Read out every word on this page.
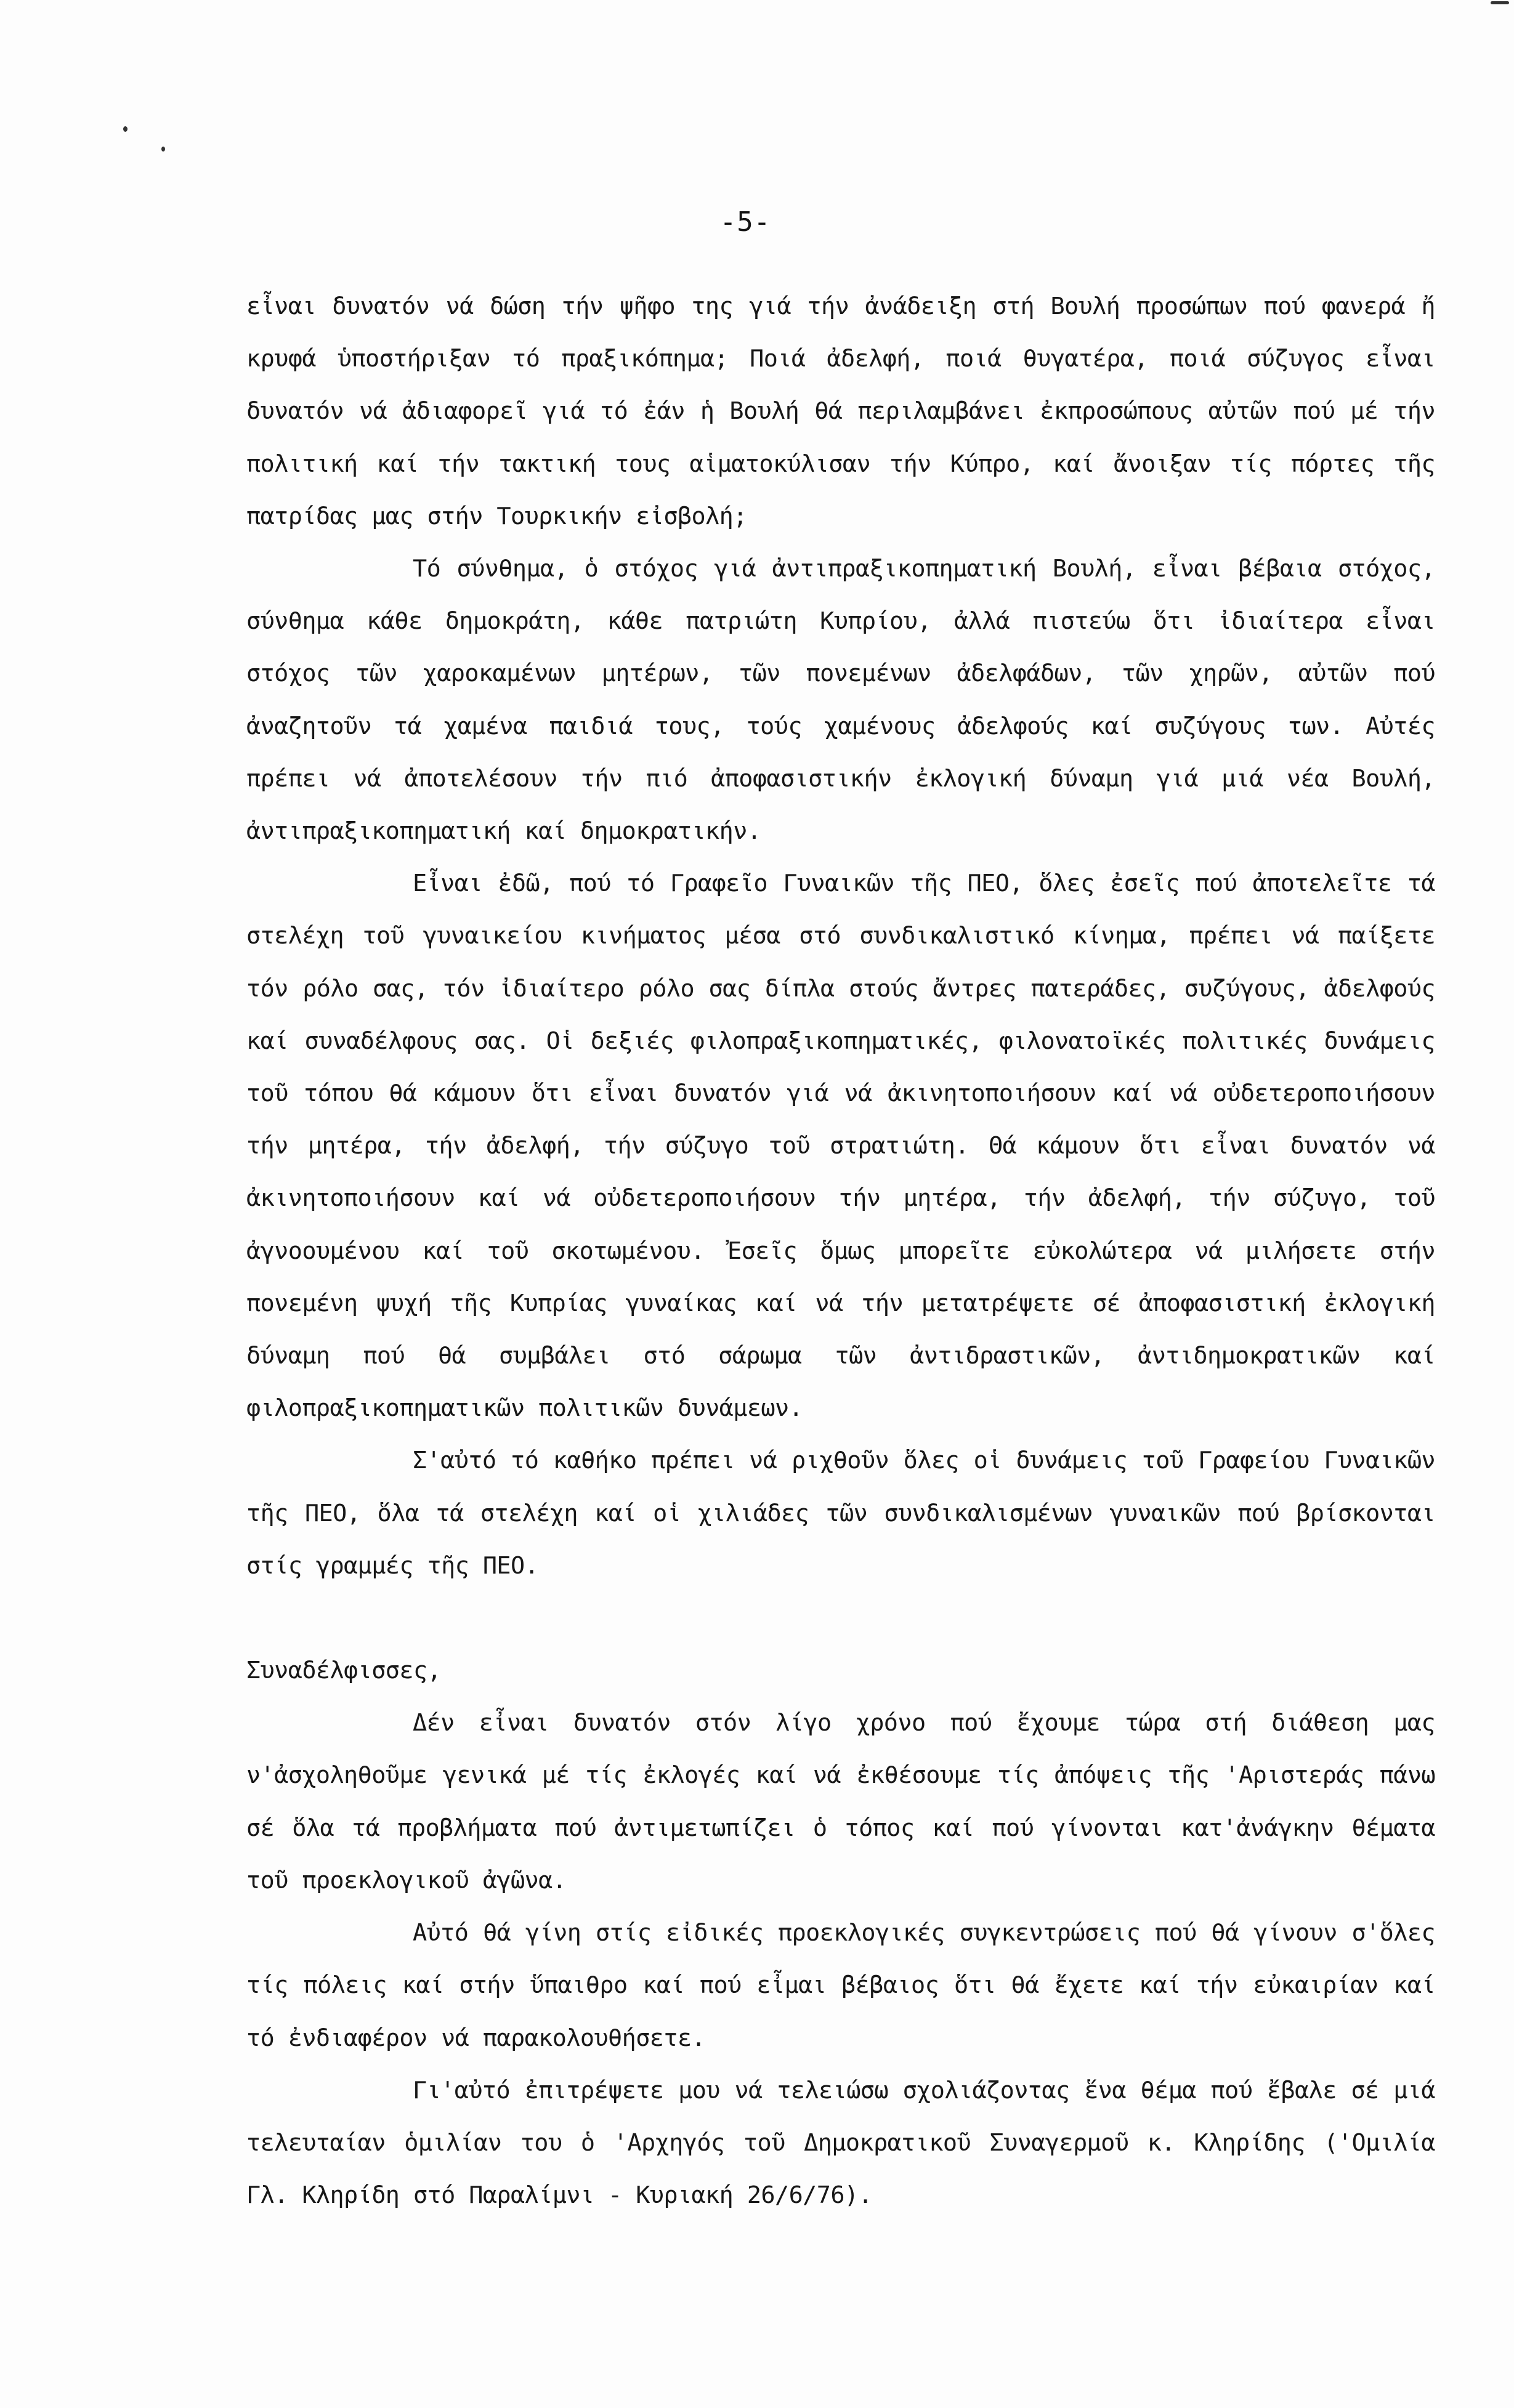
-5-

εἶναι δυνατόν νά δώση τήν ψῆφο της γιά τήν ἀνάδειξη στή Βουλή προσώπων πού φανερά ἤ κρυφά ὑποστήριξαν τό πραξικόπημα; Ποιά ἀδελφή, ποιά θυγατέρα, ποιά σύζυγος εἶναι δυνατόν νά ἀδιαφορεῖ γιά τό ἐάν ἡ Βουλή θά περιλαμβάνει ἐκπροσώπους αὐτῶν πού μέ τήν πολιτική καί τήν τακτική τους αἱματοκύλισαν τήν Κύπρο, καί ἄνοιξαν τίς πόρτες τῆς πατρίδας μας στήν Τουρκικήν εἰσβολή;

Τό σύνθημα, ὁ στόχος γιά ἀντιπραξικοπηματική Βουλή, εἶναι βέβαια στόχος, σύνθημα κάθε δημοκράτη, κάθε πατριώτη Κυπρίου, ἀλλά πιστεύω ὅτι ἰδιαίτερα εἶναι στόχος τῶν χαροκαμένων μητέρων, τῶν πονεμένων ἀδελφάδων, τῶν χηρῶν, αὐτῶν πού ἀναζητοῦν τά χαμένα παιδιά τους, τούς χαμένους ἀδελφούς καί συζύγους των. Αὐτές πρέπει νά ἀποτελέσουν τήν πιό ἀποφασιστικήν ἐκλογική δύναμη γιά μιά νέα Βουλή, ἀντιπραξικοπηματική καί δημοκρατικήν.

Εἶναι ἐδῶ, πού τό Γραφεῖο Γυναικῶν τῆς ΠΕΟ, ὅλες ἐσεῖς πού ἀποτελεῖτε τά στελέχη τοῦ γυναικείου κινήματος μέσα στό συνδικαλιστικό κίνημα, πρέπει νά παίξετε τόν ρόλο σας, τόν ἰδιαίτερο ρόλο σας δίπλα στούς ἄντρες πατεράδες, συζύγους, ἀδελφούς καί συναδέλφους σας. Οἱ δεξιές φιλοπραξικοπηματικές, φιλονατοϊκές πολιτικές δυνάμεις τοῦ τόπου θά κάμουν ὅτι εἶναι δυνατόν γιά νά ἀκινητοποιήσουν καί νά οὐδετεροποιήσουν τήν μητέρα, τήν ἀδελφή, τήν σύζυγο τοῦ στρατιώτη. Θά κάμουν ὅτι εἶναι δυνατόν νά ἀκινητοποιήσουν καί νά οὐδετεροποιήσουν τήν μητέρα, τήν ἀδελφή, τήν σύζυγο, τοῦ ἀγνοουμένου καί τοῦ σκοτωμένου. Ἐσεῖς ὅμως μπορεῖτε εὐκολώτερα νά μιλήσετε στήν πονεμένη ψυχή τῆς Κυπρίας γυναίκας καί νά τήν μετατρέψετε σέ ἀποφασιστική ἐκλογική δύναμη πού θά συμβάλει στό σάρωμα τῶν ἀντιδραστικῶν, ἀντιδημοκρατικῶν καί φιλοπραξικοπηματικῶν πολιτικῶν δυνάμεων.

Σ'αὐτό τό καθήκο πρέπει νά ριχθοῦν ὅλες οἱ δυνάμεις τοῦ Γραφείου Γυναικῶν τῆς ΠΕΟ, ὅλα τά στελέχη καί οἱ χιλιάδες τῶν συνδικαλισμένων γυναικῶν πού βρίσκονται στίς γραμμές τῆς ΠΕΟ.

Συναδέλφισσες,

Δέν εἶναι δυνατόν στόν λίγο χρόνο πού ἔχουμε τώρα στή διάθεση μας ν'ἀσχοληθοῦμε γενικά μέ τίς ἐκλογές καί νά ἐκθέσουμε τίς ἀπόψεις τῆς 'Αριστεράς πάνω σέ ὅλα τά προβλήματα πού ἀντιμετωπίζει ὁ τόπος καί πού γίνονται κατ'ἀνάγκην θέματα τοῦ προεκλογικοῦ ἀγῶνα.

Αὐτό θά γίνη στίς εἰδικές προεκλογικές συγκεντρώσεις πού θά γίνουν σ'ὅλες τίς πόλεις καί στήν ὕπαιθρο καί πού εἶμαι βέβαιος ὅτι θά ἔχετε καί τήν εὐκαιρίαν καί τό ἐνδιαφέρον νά παρακολουθήσετε.

Γι'αὐτό ἐπιτρέψετε μου νά τελειώσω σχολιάζοντας ἕνα θέμα πού ἔβαλε σέ μιά τελευταίαν ὁμιλίαν του ὁ 'Αρχηγός τοῦ Δημοκρατικοῦ Συναγερμοῦ κ. Κληρίδης ('Ομιλία Γλ. Κληρίδη στό Παραλίμνι - Κυριακή 26/6/76).
